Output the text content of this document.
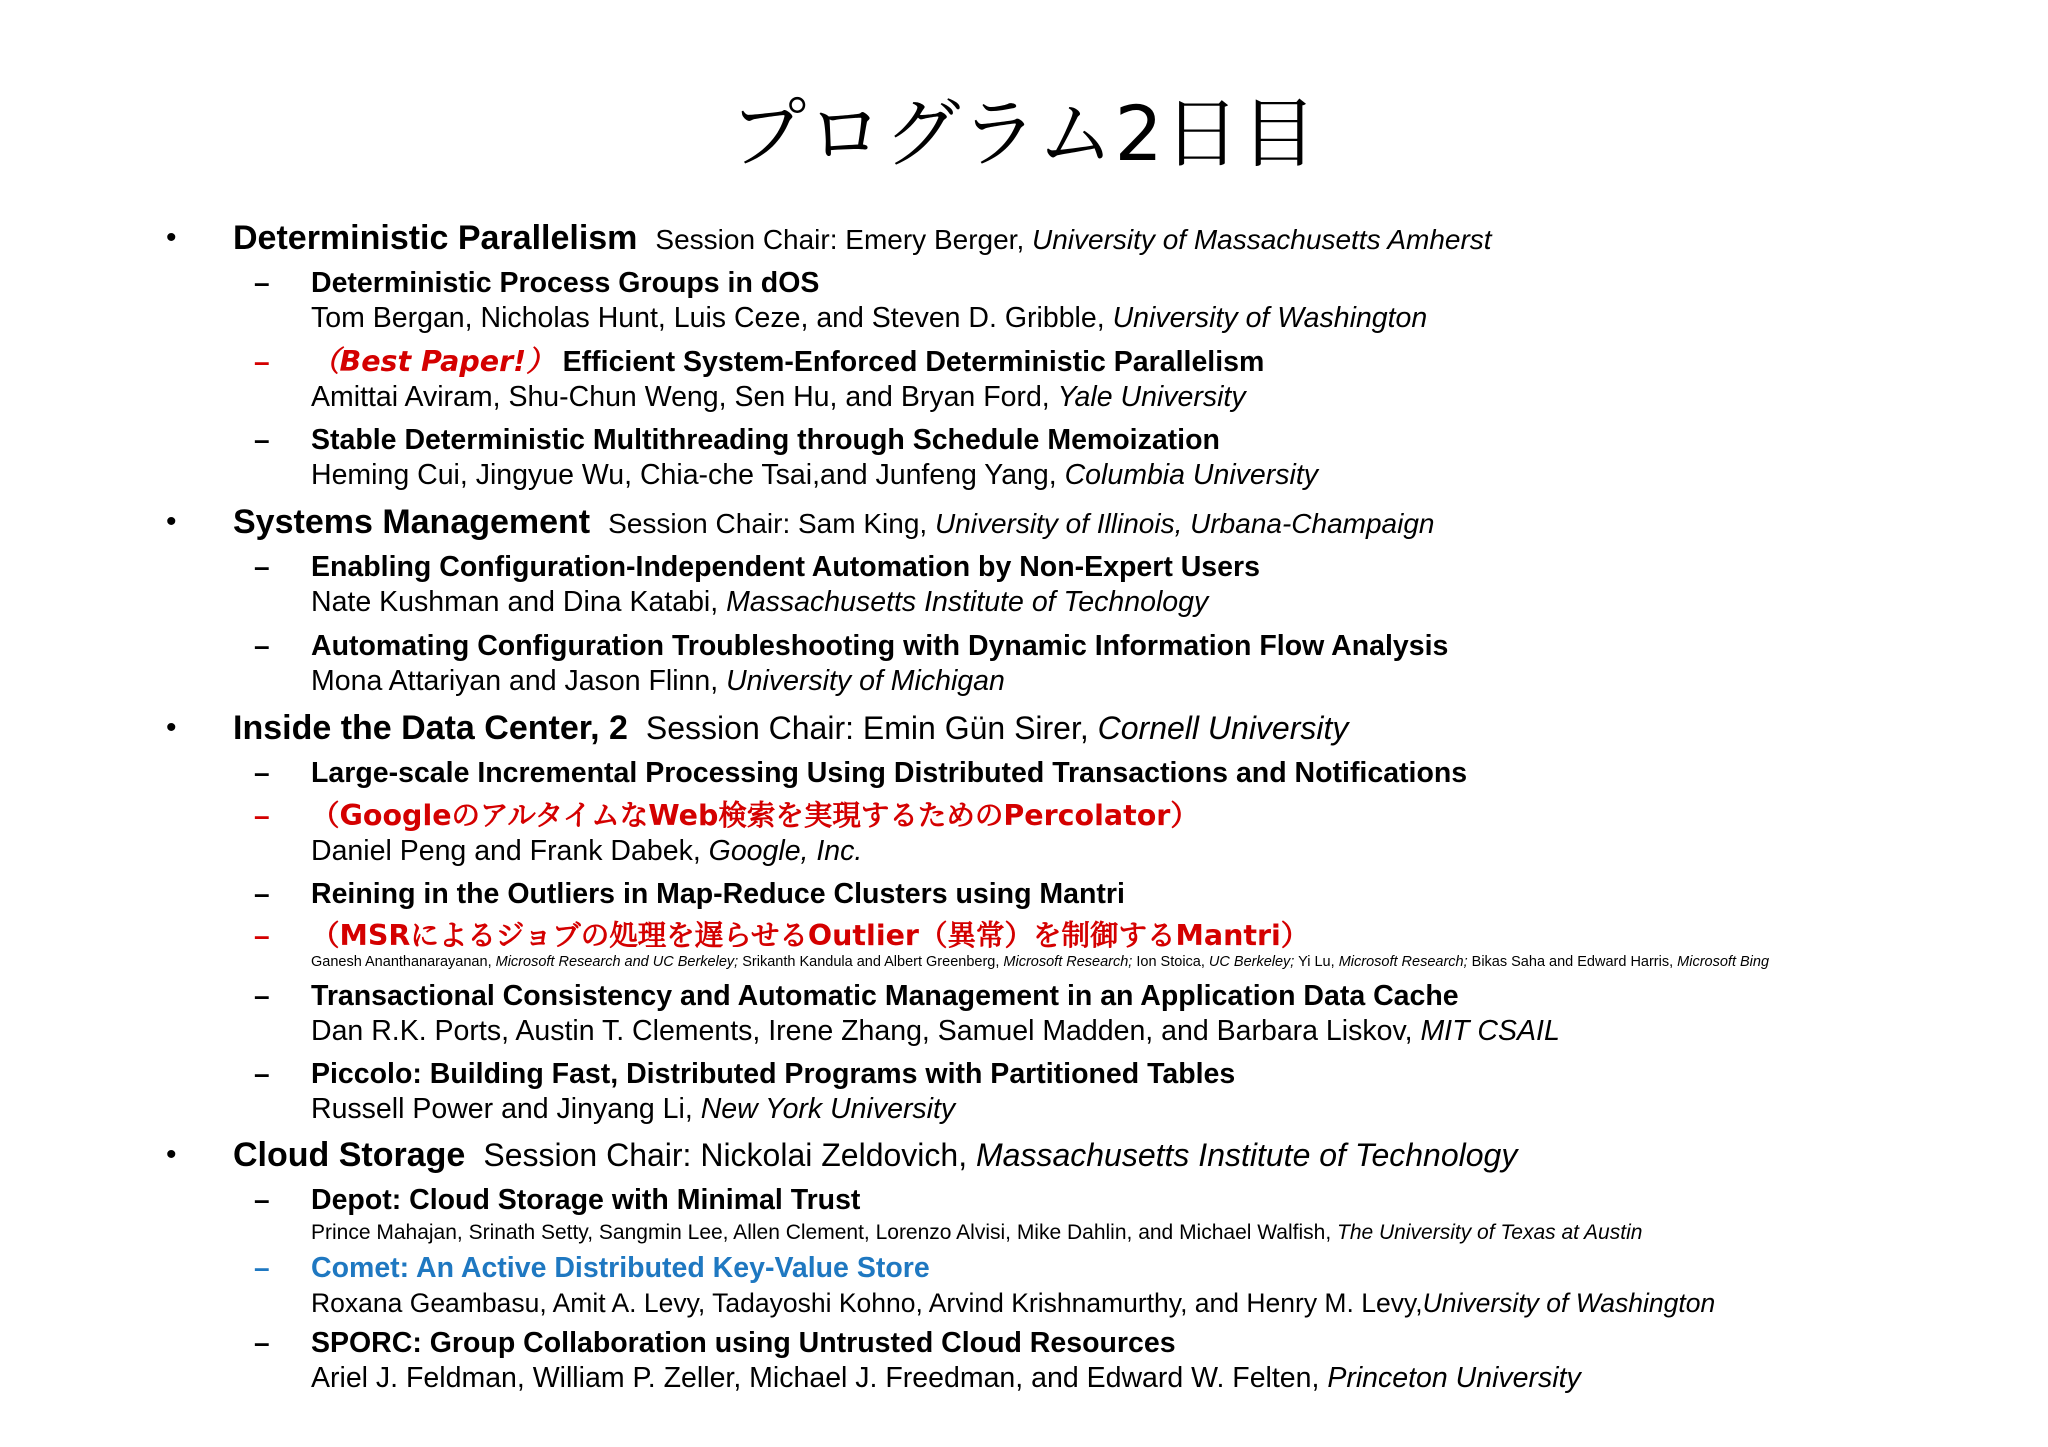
プログラム2日目
• Deterministic Parallelism Session Chair: Emery Berger, University of Massachusetts Amherst
– Deterministic Process Groups in dOS
Tom Bergan, Nicholas Hunt, Luis Ceze, and Steven D. Gribble, University of Washington
– （Best Paper!） Efficient System-Enforced Deterministic Parallelism
Amittai Aviram, Shu-Chun Weng, Sen Hu, and Bryan Ford, Yale University
– Stable Deterministic Multithreading through Schedule Memoization
Heming Cui, Jingyue Wu, Chia-che Tsai,and Junfeng Yang, Columbia University
• Systems Management Session Chair: Sam King, University of Illinois, Urbana-Champaign
– Enabling Configuration-Independent Automation by Non-Expert Users
Nate Kushman and Dina Katabi, Massachusetts Institute of Technology
– Automating Configuration Troubleshooting with Dynamic Information Flow Analysis
Mona Attariyan and Jason Flinn, University of Michigan
• Inside the Data Center, 2 Session Chair: Emin Gün Sirer, Cornell University
– Large-scale Incremental Processing Using Distributed Transactions and Notifications
– （GoogleのアルタイムなWeb検索を実現するためのPercolator）
Daniel Peng and Frank Dabek, Google, Inc.
– Reining in the Outliers in Map-Reduce Clusters using Mantri
– （MSRによるジョブの処理を遅らせるOutlier（異常）を制御するMantri）
Ganesh Ananthanarayanan, Microsoft Research and UC Berkeley; Srikanth Kandula and Albert Greenberg, Microsoft Research; Ion Stoica, UC Berkeley; Yi Lu, Microsoft Research; Bikas Saha and Edward Harris, Microsoft Bing
– Transactional Consistency and Automatic Management in an Application Data Cache
Dan R.K. Ports, Austin T. Clements, Irene Zhang, Samuel Madden, and Barbara Liskov, MIT CSAIL
– Piccolo: Building Fast, Distributed Programs with Partitioned Tables
Russell Power and Jinyang Li, New York University
• Cloud Storage Session Chair: Nickolai Zeldovich, Massachusetts Institute of Technology
– Depot: Cloud Storage with Minimal Trust
Prince Mahajan, Srinath Setty, Sangmin Lee, Allen Clement, Lorenzo Alvisi, Mike Dahlin, and Michael Walfish, The University of Texas at Austin
– Comet: An Active Distributed Key-Value Store
Roxana Geambasu, Amit A. Levy, Tadayoshi Kohno, Arvind Krishnamurthy, and Henry M. Levy,University of Washington
– SPORC: Group Collaboration using Untrusted Cloud Resources
Ariel J. Feldman, William P. Zeller, Michael J. Freedman, and Edward W. Felten, Princeton University
